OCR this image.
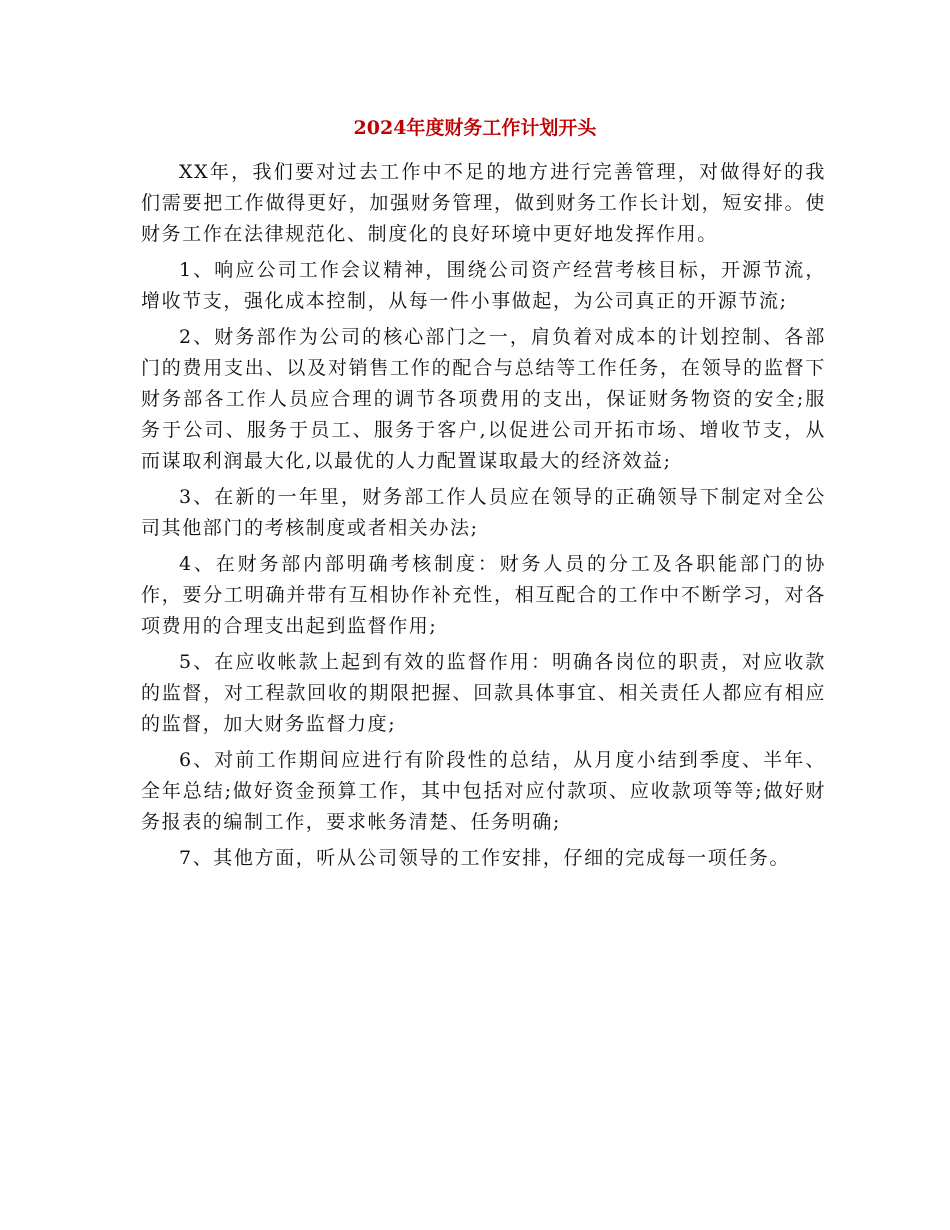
2024年度财务工作计划开头

XX年，我们要对过去工作中不足的地方进行完善管理，对做得好的我们需要把工作做得更好，加强财务管理，做到财务工作长计划，短安排。使财务工作在法律规范化、制度化的良好环境中更好地发挥作用。

1、响应公司工作会议精神，围绕公司资产经营考核目标，开源节流，增收节支，强化成本控制，从每一件小事做起，为公司真正的开源节流;

2、财务部作为公司的核心部门之一，肩负着对成本的计划控制、各部门的费用支出、以及对销售工作的配合与总结等工作任务，在领导的监督下财务部各工作人员应合理的调节各项费用的支出，保证财务物资的安全;服务于公司、服务于员工、服务于客户,以促进公司开拓市场、增收节支，从而谋取利润最大化,以最优的人力配置谋取最大的经济效益;

3、在新的一年里，财务部工作人员应在领导的正确领导下制定对全公司其他部门的考核制度或者相关办法;

4、在财务部内部明确考核制度：财务人员的分工及各职能部门的协作，要分工明确并带有互相协作补充性，相互配合的工作中不断学习，对各项费用的合理支出起到监督作用;

5、在应收帐款上起到有效的监督作用：明确各岗位的职责，对应收款的监督，对工程款回收的期限把握、回款具体事宜、相关责任人都应有相应的监督，加大财务监督力度;

6、对前工作期间应进行有阶段性的总结，从月度小结到季度、半年、全年总结;做好资金预算工作，其中包括对应付款项、应收款项等等;做好财务报表的编制工作，要求帐务清楚、任务明确;

7、其他方面，听从公司领导的工作安排，仔细的完成每一项任务。
